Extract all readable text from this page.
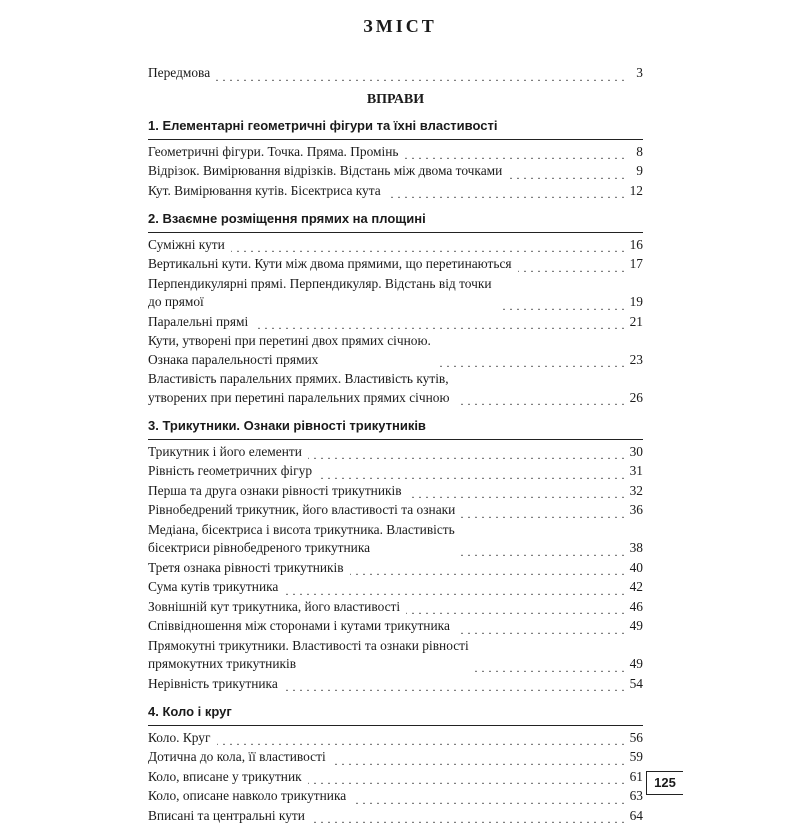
ЗМІСТ
Передмова . . .	3
ВПРАВИ
1. Елементарні геометричні фігури та їхні властивості
Геометричні фігури. Точка. Пряма. Промінь . . .	8
Відрізок. Вимірювання відрізків. Відстань між двома точками . . .	9
Кут. Вимірювання кутів. Бісектриса кута . . .	12
2. Взаємне розміщення прямих на площині
Суміжні кути . . .	16
Вертикальні кути. Кути між двома прямими, що перетинаються . . .	17
Перпендикулярні прямі. Перпендикуляр. Відстань від точки
до прямої . . .	19
Паралельні прямі . . .	21
Кути, утворені при перетині двох прямих січною.
Ознака паралельності прямих . . .	23
Властивість паралельних прямих. Властивість кутів,
утворених при перетині паралельних прямих січною . . .	26
3. Трикутники. Ознаки рівності трикутників
Трикутник і його елементи . . .	30
Рівність геометричних фігур . . .	31
Перша та друга ознаки рівності трикутників . . .	32
Рівнобедрений трикутник, його властивості та ознаки . . .	36
Медіана, бісектриса і висота трикутника. Властивість
бісектриси рівнобедреного трикутника . . .	38
Третя ознака рівності трикутників . . .	40
Сума кутів трикутника . . .	42
Зовнішній кут трикутника, його властивості . . .	46
Співвідношення між сторонами і кутами трикутника . . .	49
Прямокутні трикутники. Властивості та ознаки рівності
прямокутних трикутників . . .	49
Нерівність трикутника . . .	54
4. Коло і круг
Коло. Круг . . .	56
Дотична до кола, її властивості . . .	59
Коло, вписане у трикутник . . .	61
Коло, описане навколо трикутника . . .	63
Вписані та центральні кути . . .	64
125
